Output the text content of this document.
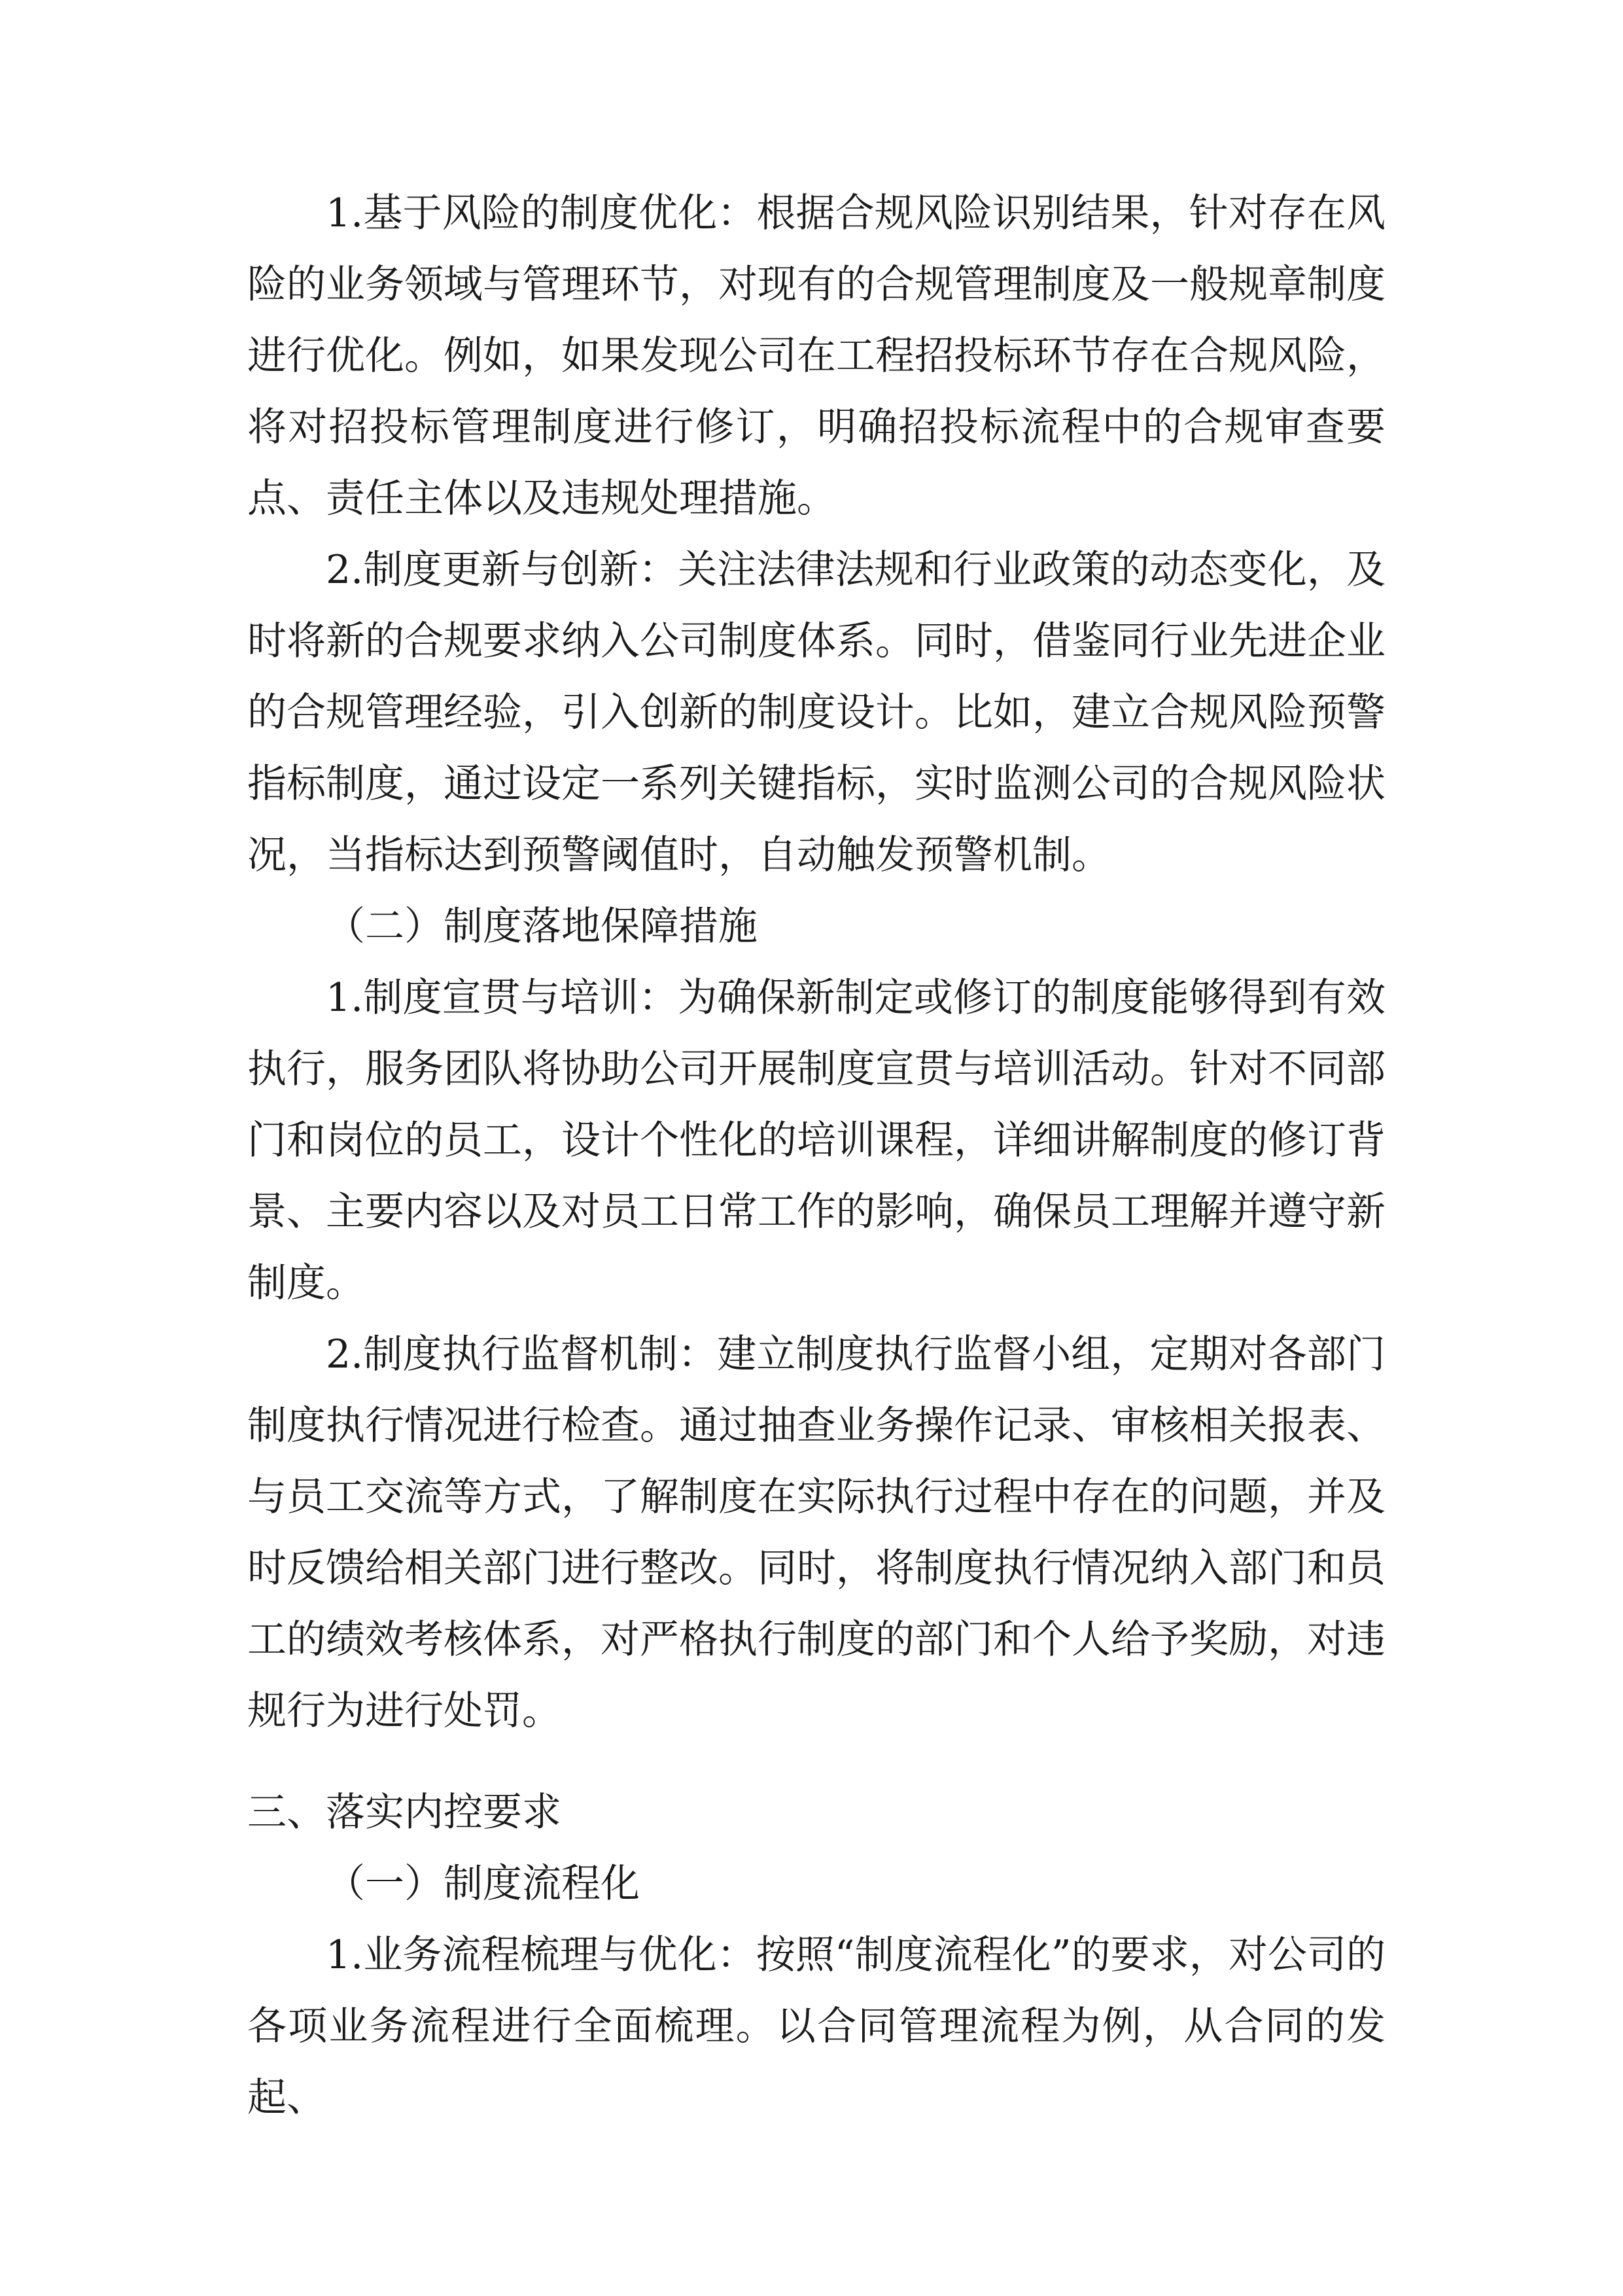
1.基于风险的制度优化：根据合规风险识别结果，针对存在风险的业务领域与管理环节，对现有的合规管理制度及一般规章制度进行优化。例如，如果发现公司在工程招投标环节存在合规风险，将对招投标管理制度进行修订，明确招投标流程中的合规审查要点、责任主体以及违规处理措施。

2.制度更新与创新：关注法律法规和行业政策的动态变化，及时将新的合规要求纳入公司制度体系。同时，借鉴同行业先进企业的合规管理经验，引入创新的制度设计。比如，建立合规风险预警指标制度，通过设定一系列关键指标，实时监测公司的合规风险状况，当指标达到预警阈值时，自动触发预警机制。

（二）制度落地保障措施

1.制度宣贯与培训：为确保新制定或修订的制度能够得到有效执行，服务团队将协助公司开展制度宣贯与培训活动。针对不同部门和岗位的员工，设计个性化的培训课程，详细讲解制度的修订背景、主要内容以及对员工日常工作的影响，确保员工理解并遵守新制度。

2.制度执行监督机制：建立制度执行监督小组，定期对各部门制度执行情况进行检查。通过抽查业务操作记录、审核相关报表、与员工交流等方式，了解制度在实际执行过程中存在的问题，并及时反馈给相关部门进行整改。同时，将制度执行情况纳入部门和员工的绩效考核体系，对严格执行制度的部门和个人给予奖励，对违规行为进行处罚。

三、落实内控要求

（一）制度流程化

1.业务流程梳理与优化：按照“制度流程化”的要求，对公司的各项业务流程进行全面梳理。以合同管理流程为例，从合同的发起、
